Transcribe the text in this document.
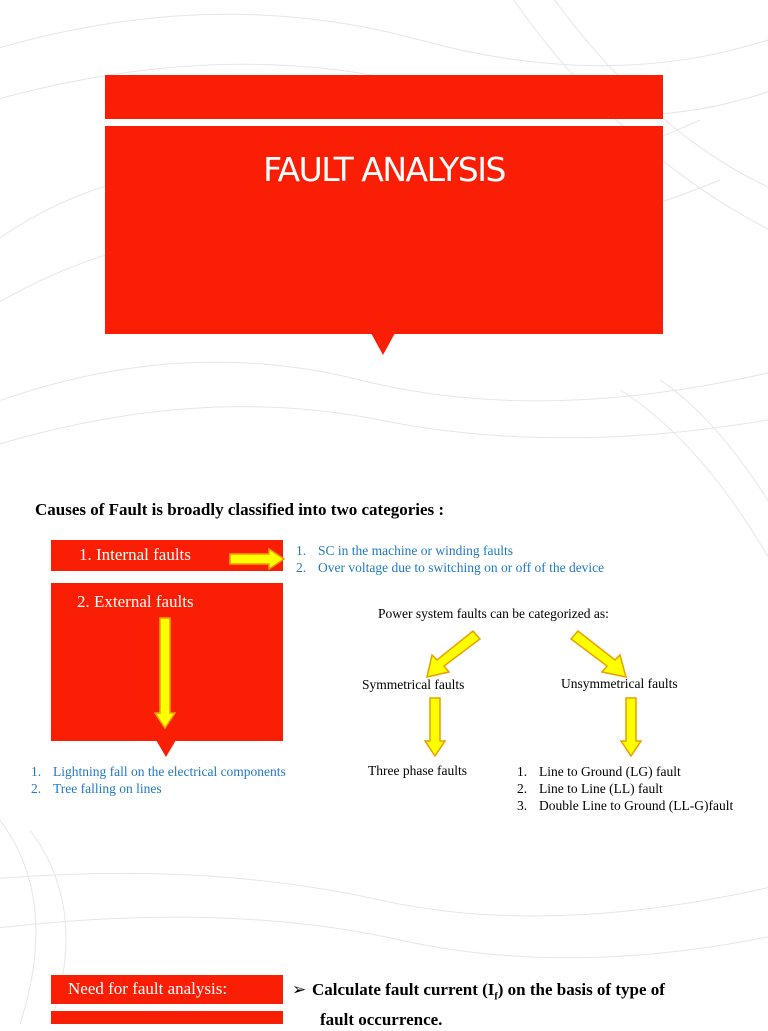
FAULT ANALYSIS
Causes of Fault is broadly classified into two categories :
1. Internal faults	1. SC in the machine or winding faults
2. Over voltage due to switching on or off of the device
2. External faults
1. Lightning fall on the electrical components
2. Tree falling on lines
Power system faults can be categorized as:
Symmetrical faults	Unsymmetrical faults
Three phase faults	1. Line to Ground (LG) fault
2. Line to Line (LL) fault
3. Double Line to Ground (LL-G)fault
Need for fault analysis:	➢ Calculate fault current $(I_f)$ on the basis of type of
fault occurrence.
